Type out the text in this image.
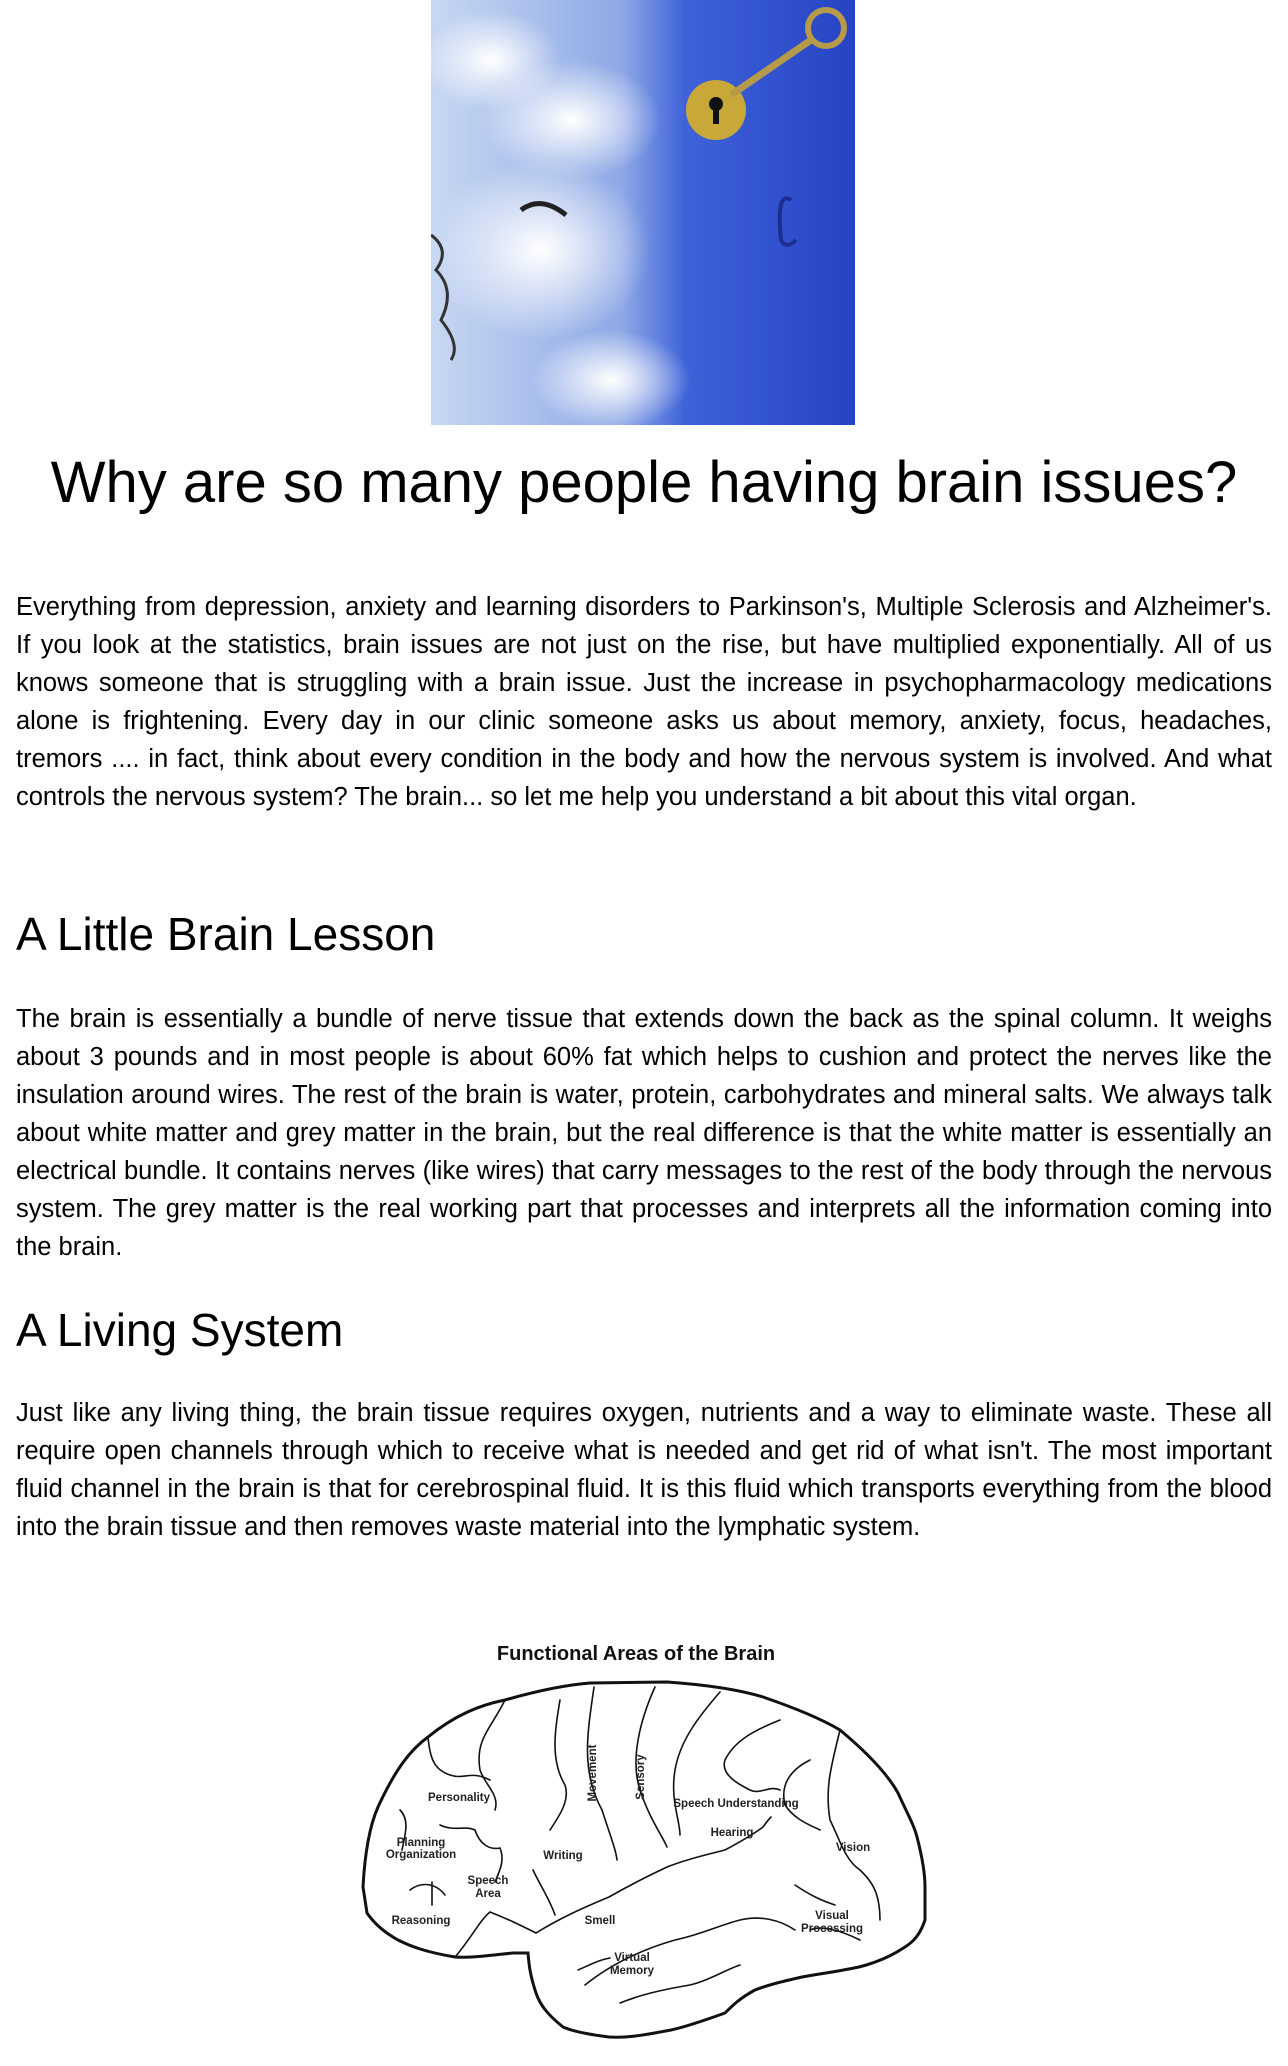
Why are so many people having brain issues?

Everything from depression, anxiety and learning disorders to Parkinson's, Multiple Sclerosis and Alzheimer's. If you look at the statistics, brain issues are not just on the rise, but have multiplied exponentially. All of us knows someone that is struggling with a brain issue. Just the increase in psychopharmacology medications alone is frightening. Every day in our clinic someone asks us about memory, anxiety, focus, headaches, tremors .... in fact, think about every condition in the body and how the nervous system is involved. And what controls the nervous system? The brain... so let me help you understand a bit about this vital organ.

A Little Brain Lesson

The brain is essentially a bundle of nerve tissue that extends down the back as the spinal column. It weighs about 3 pounds and in most people is about 60% fat which helps to cushion and protect the nerves like the insulation around wires. The rest of the brain is water, protein, carbohydrates and mineral salts. We always talk about white matter and grey matter in the brain, but the real difference is that the white matter is essentially an electrical bundle. It contains nerves (like wires) that carry messages to the rest of the body through the nervous system. The grey matter is the real working part that processes and interprets all the information coming into the brain.

A Living System

Just like any living thing, the brain tissue requires oxygen, nutrients and a way to eliminate waste. These all require open channels through which to receive what is needed and get rid of what isn't. The most important fluid channel in the brain is that for cerebrospinal fluid. It is this fluid which transports everything from the blood into the brain tissue and then removes waste material into the lymphatic system.

Functional Areas of the Brain
Personality
Planning
Organization
Speech
Area
Reasoning
Writing
Movement	Sensory
Speech Understanding
Hearing
Vision
Smell	Visual
Processing
Virtual
Memory
